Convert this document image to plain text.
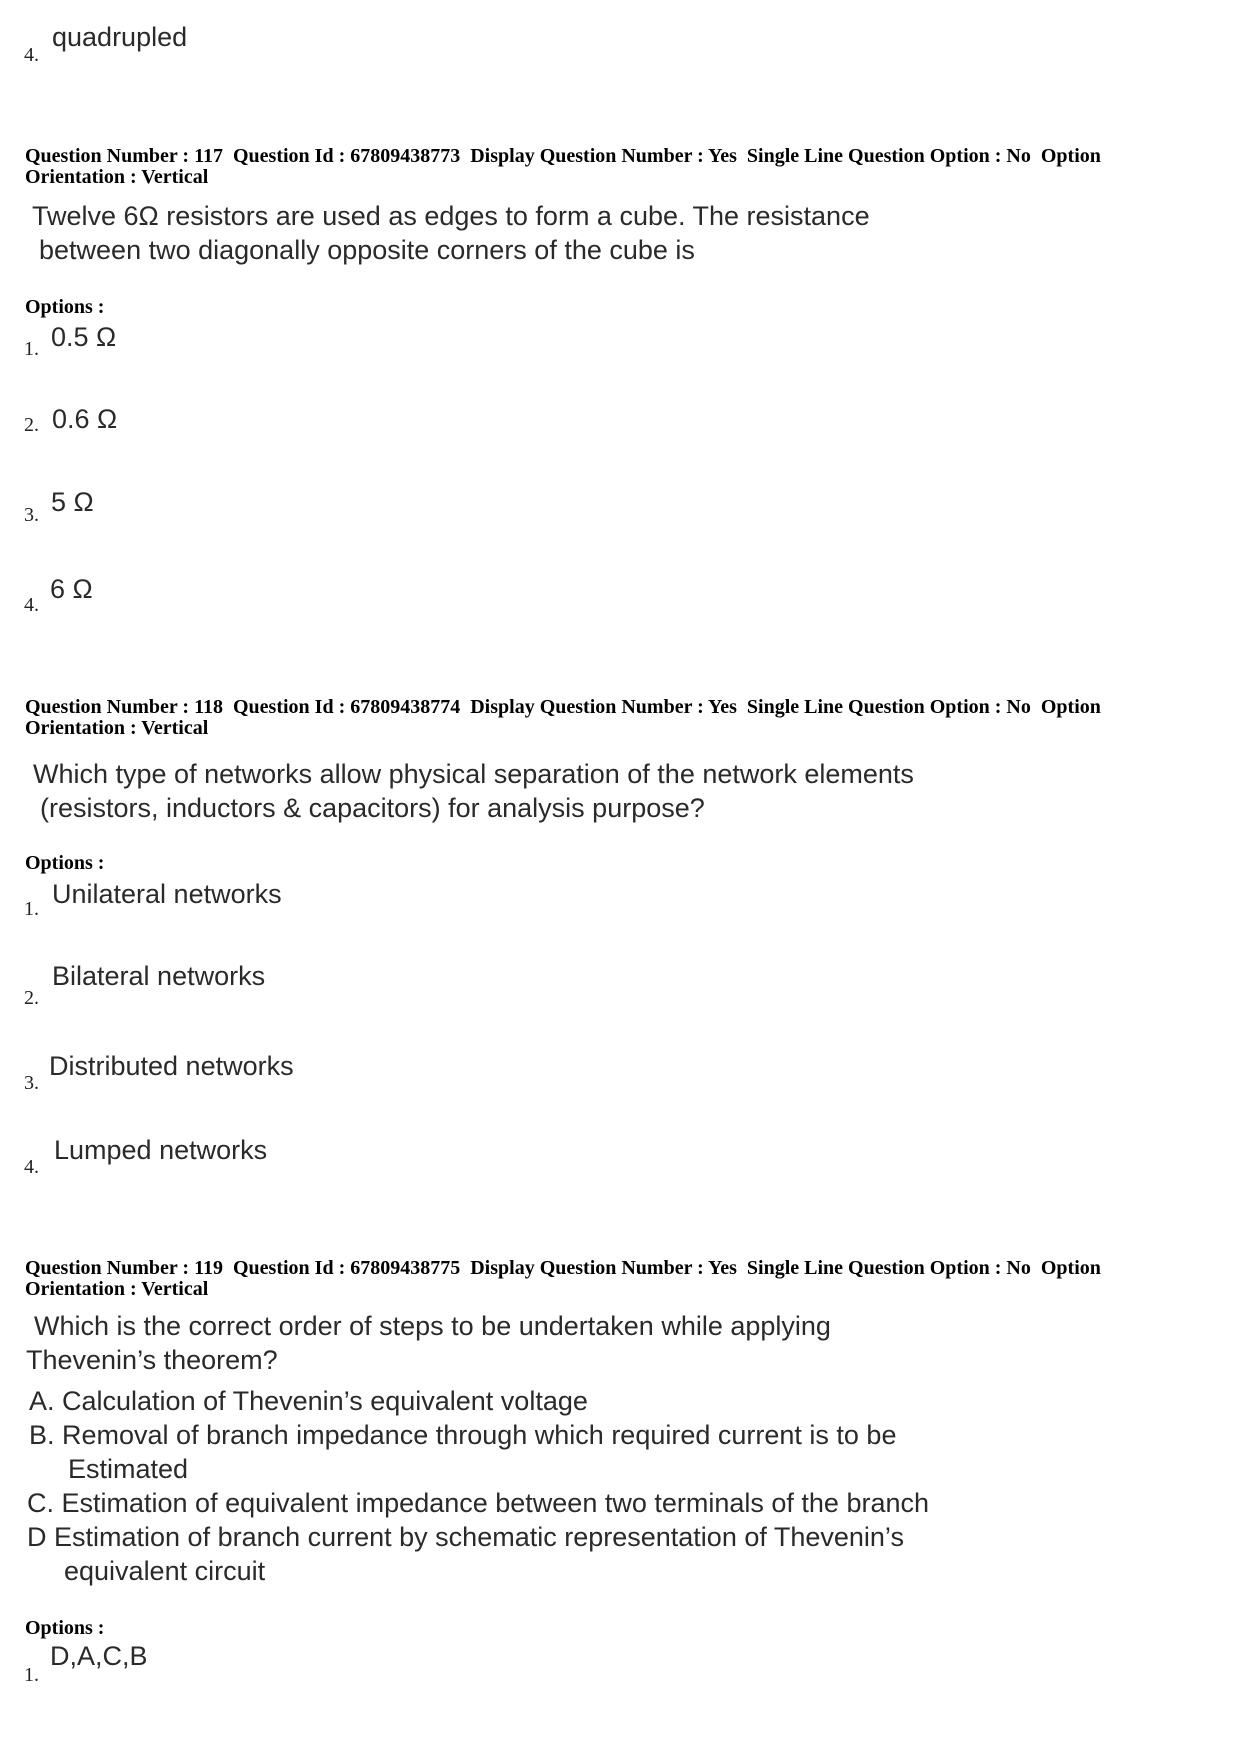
4.
quadrupled
Question Number : 117  Question Id : 67809438773  Display Question Number : Yes  Single Line Question Option : No  Option
Orientation : Vertical
Twelve 6Ω resistors are used as edges to form a cube. The resistance
between two diagonally opposite corners of the cube is
Options :
1. 0.5 Ω
2. 0.6 Ω
3. 5 Ω
4.
6 Ω
Question Number : 118  Question Id : 67809438774  Display Question Number : Yes  Single Line Question Option : No  Option
Orientation : Vertical
Which type of networks allow physical separation of the network elements
(resistors, inductors & capacitors) for analysis purpose?
Options :
1. Unilateral networks
2.
Bilateral networks
3.
Distributed networks
4.
Lumped networks
Question Number : 119  Question Id : 67809438775  Display Question Number : Yes  Single Line Question Option : No  Option
Orientation : Vertical
Which is the correct order of steps to be undertaken while applying
Thevenin’s theorem?
A. Calculation of Thevenin’s equivalent voltage
B. Removal of branch impedance through which required current is to be
Estimated
C. Estimation of equivalent impedance between two terminals of the branch
D Estimation of branch current by schematic representation of Thevenin’s
equivalent circuit
Options :
1.
D,A,C,B
